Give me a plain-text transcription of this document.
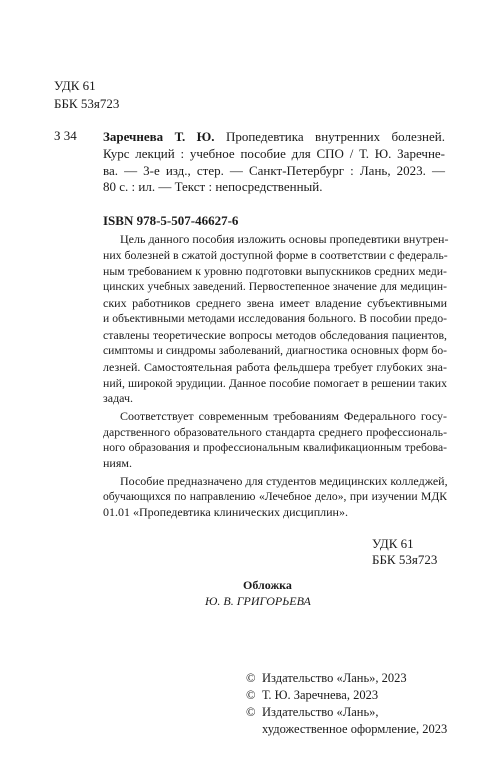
УДК 61
ББК 53я723
З 34 Заречнева Т. Ю. Пропедевтика внутренних болезней.
Курс лекций : учебное пособие для СПО / Т. Ю. Заречне-
ва. — 3-е изд., стер. — Санкт-Петербург : Лань, 2023. —
80 с. : ил. — Текст : непосредственный.
ISBN 978-5-507-46627-6
Цель данного пособия изложить основы пропедевтики внутрен-
них болезней в сжатой доступной форме в соответствии с федераль-
ным требованием к уровню подготовки выпускников средних меди-
цинских учебных заведений. Первостепенное значение для медицин-
ских работников среднего звена имеет владение субъективными
и объективными методами исследования больного. В пособии предо-
ставлены теоретические вопросы методов обследования пациентов,
симптомы и синдромы заболеваний, диагностика основных форм бо-
лезней. Самостоятельная работа фельдшера требует глубоких зна-
ний, широкой эрудиции. Данное пособие помогает в решении таких
задач.
Соответствует современным требованиям Федерального госу-
дарственного образовательного стандарта среднего профессиональ-
ного образования и профессиональным квалификационным требова-
ниям.
Пособие предназначено для студентов медицинских колледжей,
обучающихся по направлению «Лечебное дело», при изучении МДК
01.01 «Пропедевтика клинических дисциплин».
УДК 61
ББК 53я723
Обложка
Ю. В. ГРИГОРЬЕВА
© Издательство «Лань», 2023
© Т. Ю. Заречнева, 2023
© Издательство «Лань»,
художественное оформление, 2023
